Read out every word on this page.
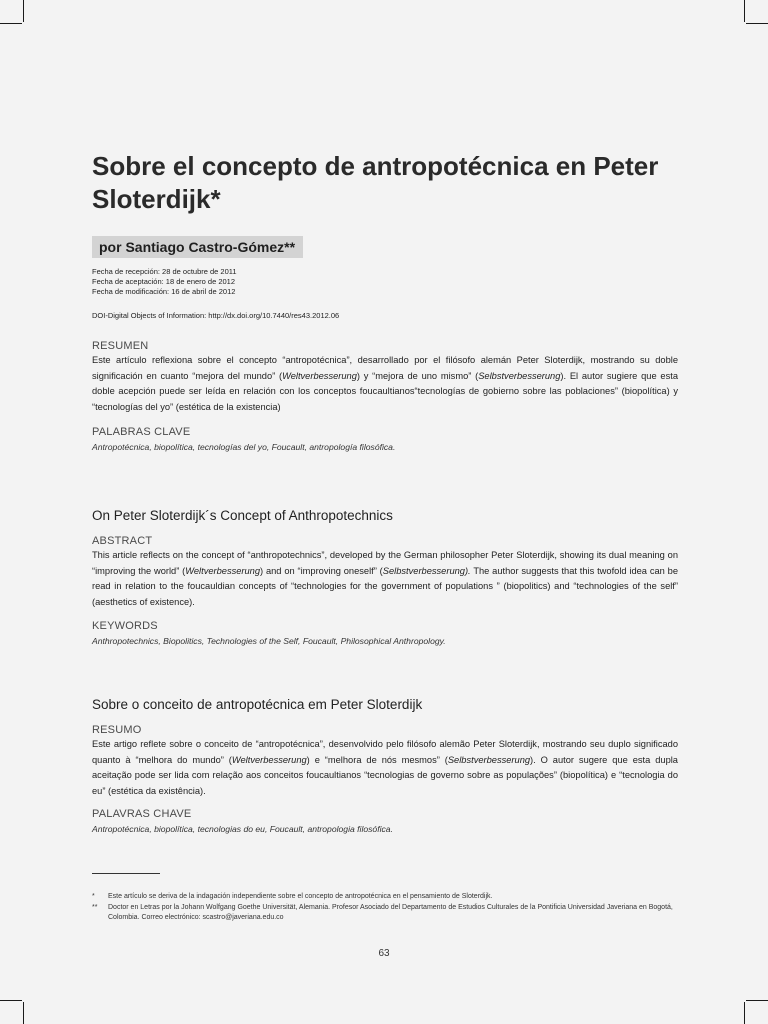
Sobre el concepto de antropotécnica en Peter Sloterdijk*
por Santiago Castro-Gómez**
Fecha de recepción: 28 de octubre de 2011
Fecha de aceptación: 18 de enero de 2012
Fecha de modificación: 16 de abril de 2012
DOI-Digital Objects of Information: http://dx.doi.org/10.7440/res43.2012.06
RESUMEN

Este artículo reflexiona sobre el concepto “antropotécnica”, desarrollado por el filósofo alemán Peter Sloterdijk, mostrando su doble significación en cuanto “mejora del mundo” (Weltverbesserung) y “mejora de uno mismo” (Selbstverbesserung). El autor sugiere que esta doble acepción puede ser leída en relación con los conceptos foucaultianos“tecnologías de gobierno sobre las poblaciones” (biopolítica) y “tecnologías del yo” (estética de la existencia)

PALABRAS CLAVE
Antropotécnica, biopolítica, tecnologías del yo, Foucault, antropología filosófica.
On Peter Sloterdijk´s Concept of Anthropotechnics
ABSTRACT

This article reflects on the concept of “anthropotechnics”, developed by the German philosopher Peter Sloterdijk, showing its dual meaning on “improving the world” (Weltverbesserung) and on “improving oneself” (Selbstverbesserung). The author suggests that this twofold idea can be read in relation to the foucauldian concepts of “technologies for the government of populations ” (biopolitics) and “technologies of the self” (aesthetics of existence).

KEYWORDS
Anthropotechnics, Biopolitics, Technologies of the Self, Foucault, Philosophical Anthropology.
Sobre o conceito de antropotécnica em Peter Sloterdijk
RESUMO

Este artigo reflete sobre o conceito de “antropotécnica”, desenvolvido pelo filósofo alemão Peter Sloterdijk, mostrando seu duplo significado quanto à “melhora do mundo” (Weltverbesserung) e “melhora de nós mesmos” (Selbstverbesserung). O autor sugere que esta dupla aceitação pode ser lida com relação aos conceitos foucaultianos “tecnologias de governo sobre as populações” (biopolítica) e “tecnologia do eu” (estética da existência).

PALAVRAS CHAVE
Antropotécnica, biopolítica, tecnologias do eu, Foucault, antropologia filosófica.
*	Este artículo se deriva de la indagación independiente sobre el concepto de antropotécnica en el pensamiento de Sloterdijk.
**	Doctor en Letras por la Johann Wolfgang Goethe Universität, Alemania. Profesor Asociado del Departamento de Estudios Culturales de la Pontificia Universidad Javeriana en Bogotá, Colombia. Correo electrónico: scastro@javeriana.edu.co
63
